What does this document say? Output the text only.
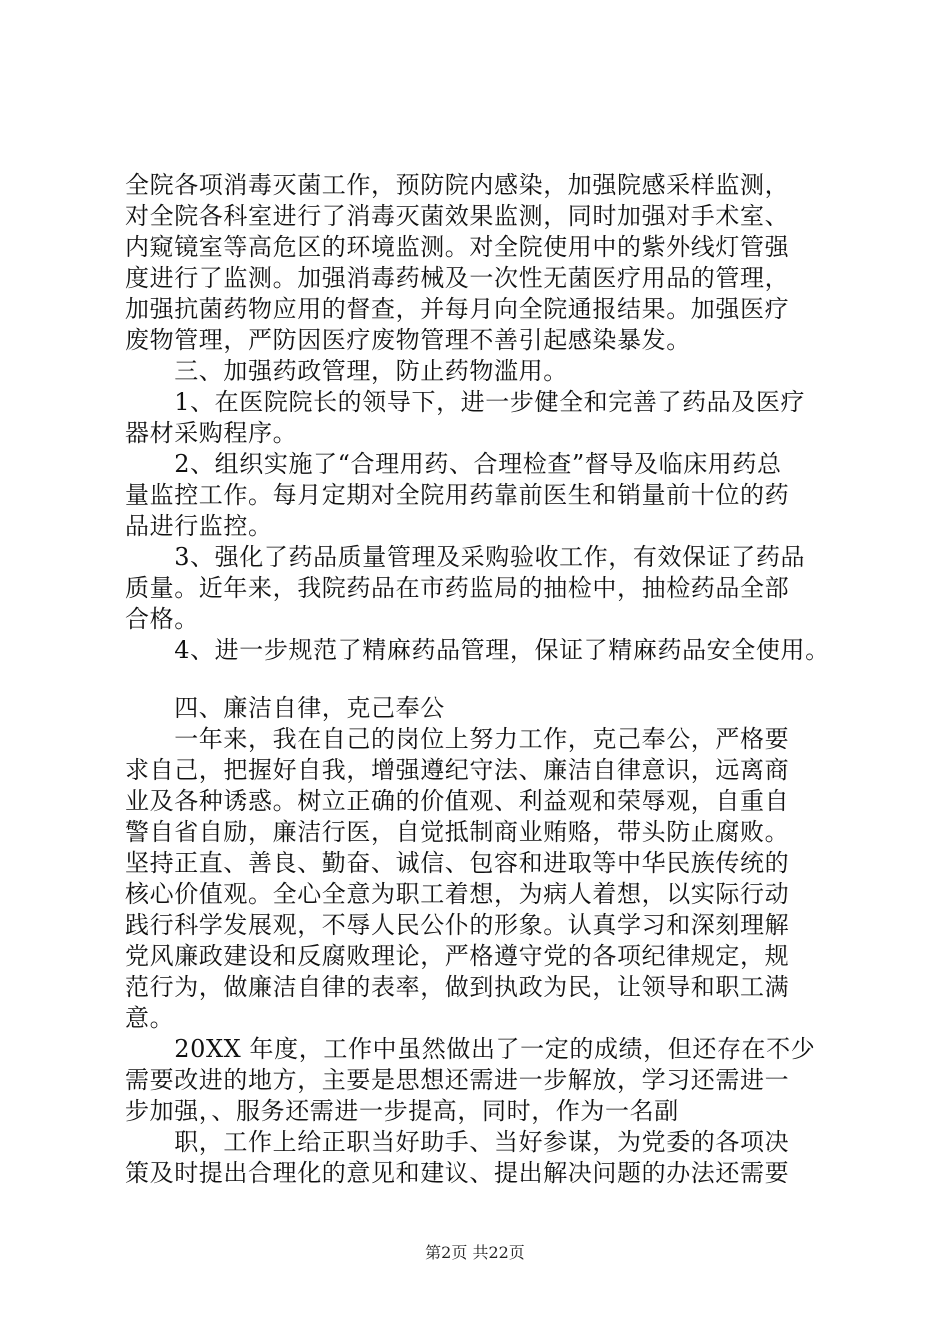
全院各项消毒灭菌工作，预防院内感染，加强院感采样监测，
对全院各科室进行了消毒灭菌效果监测，同时加强对手术室、
内窥镜室等高危区的环境监测。对全院使用中的紫外线灯管强
度进行了监测。加强消毒药械及一次性无菌医疗用品的管理，
加强抗菌药物应用的督查，并每月向全院通报结果。加强医疗
废物管理，严防因医疗废物管理不善引起感染暴发。
　　三、加强药政管理，防止药物滥用。
　　1、在医院院长的领导下，进一步健全和完善了药品及医疗
器材采购程序。
　　2、组织实施了“合理用药、合理检查”督导及临床用药总
量监控工作。每月定期对全院用药靠前医生和销量前十位的药
品进行监控。
　　3、强化了药品质量管理及采购验收工作，有效保证了药品
质量。近年来，我院药品在市药监局的抽检中，抽检药品全部
合格。
　　4、进一步规范了精麻药品管理，保证了精麻药品安全使用。
　　四、廉洁自律，克己奉公
　　一年来，我在自己的岗位上努力工作，克己奉公，严格要
求自己，把握好自我，增强遵纪守法、廉洁自律意识，远离商
业及各种诱惑。树立正确的价值观、利益观和荣辱观，自重自
警自省自励，廉洁行医，自觉抵制商业贿赂，带头防止腐败。
坚持正直、善良、勤奋、诚信、包容和进取等中华民族传统的
核心价值观。全心全意为职工着想，为病人着想，以实际行动
践行科学发展观，不辱人民公仆的形象。认真学习和深刻理解
党风廉政建设和反腐败理论，严格遵守党的各项纪律规定，规
范行为，做廉洁自律的表率，做到执政为民，让领导和职工满
意。
　　20XX 年度，工作中虽然做出了一定的成绩，但还存在不少
需要改进的地方，主要是思想还需进一步解放，学习还需进一
步加强，、服务还需进一步提高，同时，作为一名副
　　职，工作上给正职当好助手、当好参谋，为党委的各项决
策及时提出合理化的意见和建议、提出解决问题的办法还需要
第2页 共22页
